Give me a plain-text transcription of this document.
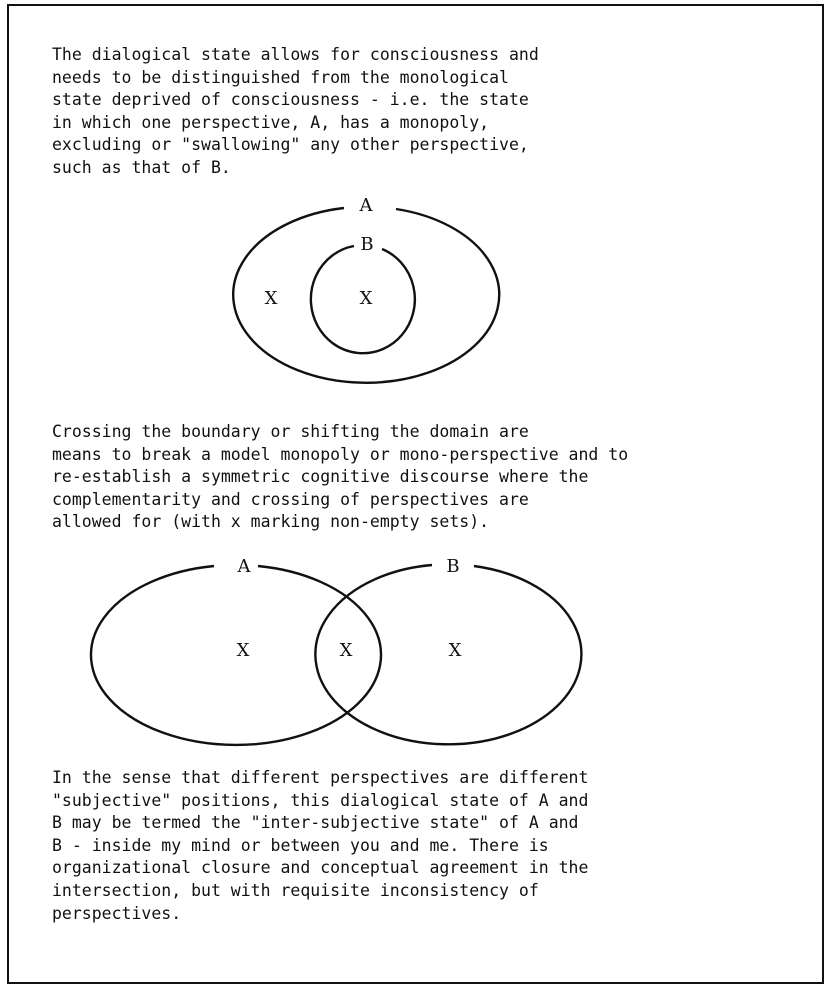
The dialogical state allows for consciousness and
needs to be distinguished from the monological
state deprived of consciousness - i.e. the state
in which one perspective, A, has a monopoly,
excluding or "swallowing" any other perspective,
such as that of B.
A
B
X	X
Crossing the boundary or shifting the domain are
means to break a model monopoly or mono-perspective and to
re-establish a symmetric cognitive discourse where the
complementarity and crossing of perspectives are
allowed for (with x marking non-empty sets).
A	B
X	X	X
In the sense that different perspectives are different
"subjective" positions, this dialogical state of A and
B may be termed the "inter-subjective state" of A and
B - inside my mind or between you and me. There is
organizational closure and conceptual agreement in the
intersection, but with requisite inconsistency of
perspectives.
